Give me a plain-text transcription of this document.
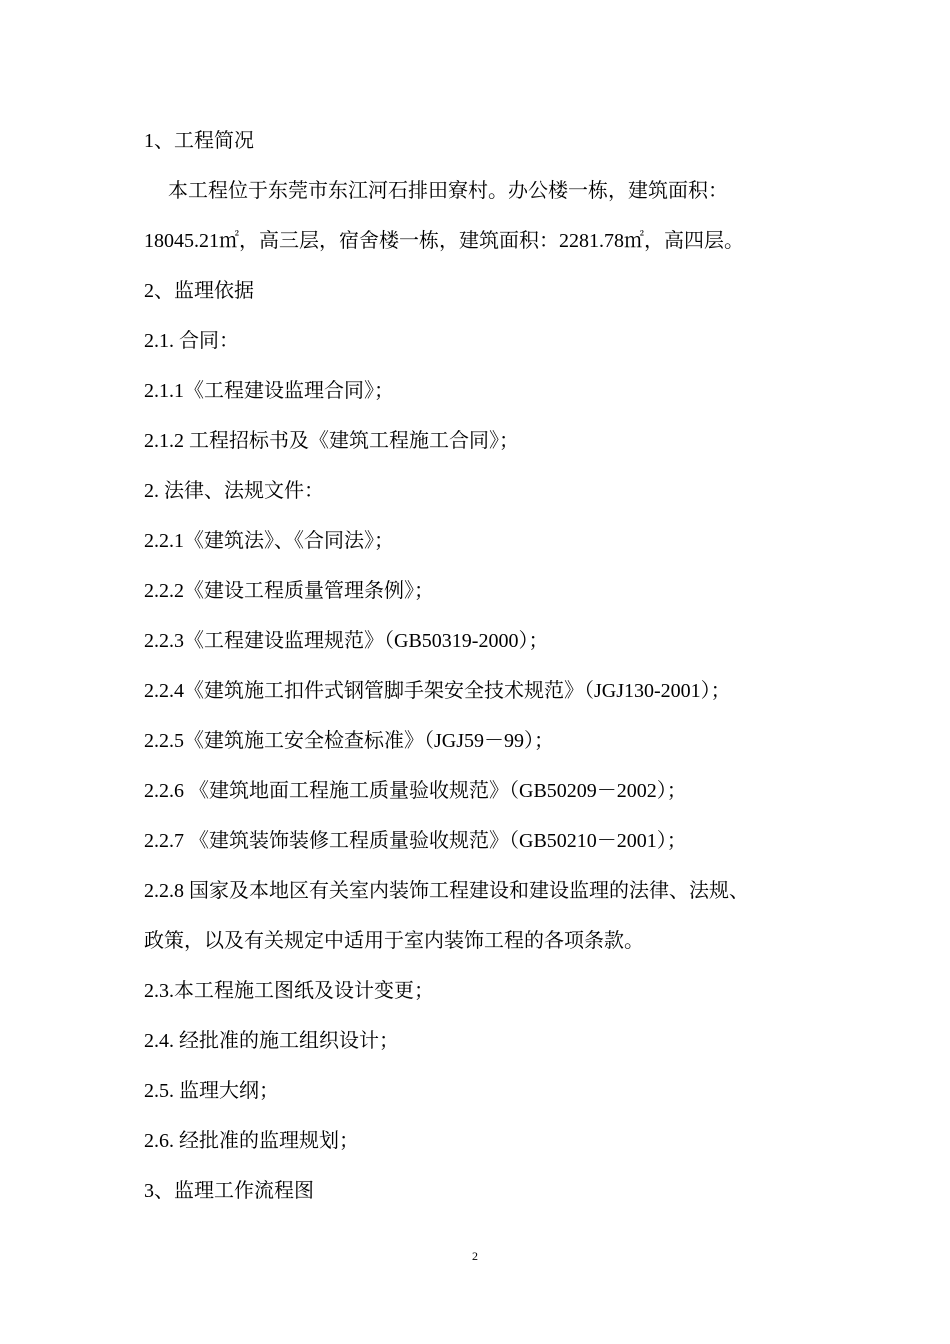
1、工程简况
本工程位于东莞市东江河石排田寮村。办公楼一栋，建筑面积：
18045.21㎡，高三层，宿舍楼一栋，建筑面积：2281.78㎡，高四层。
2、监理依据
2.1. 合同：
2.1.1《工程建设监理合同》；
2.1.2 工程招标书及《建筑工程施工合同》；
2. 法律、法规文件：
2.2.1《建筑法》、《合同法》；
2.2.2《建设工程质量管理条例》；
2.2.3《工程建设监理规范》（GB50319-2000）；
2.2.4《建筑施工扣件式钢管脚手架安全技术规范》（JGJ130-2001）；
2.2.5《建筑施工安全检查标准》（JGJ59－99）；
2.2.6 《建筑地面工程施工质量验收规范》（GB50209－2002）；
2.2.7 《建筑装饰装修工程质量验收规范》（GB50210－2001）；
2.2.8 国家及本地区有关室内装饰工程建设和建设监理的法律、法规、
政策，以及有关规定中适用于室内装饰工程的各项条款。
2.3.本工程施工图纸及设计变更；
2.4. 经批准的施工组织设计；
2.5. 监理大纲；
2.6. 经批准的监理规划；
3、监理工作流程图
2
